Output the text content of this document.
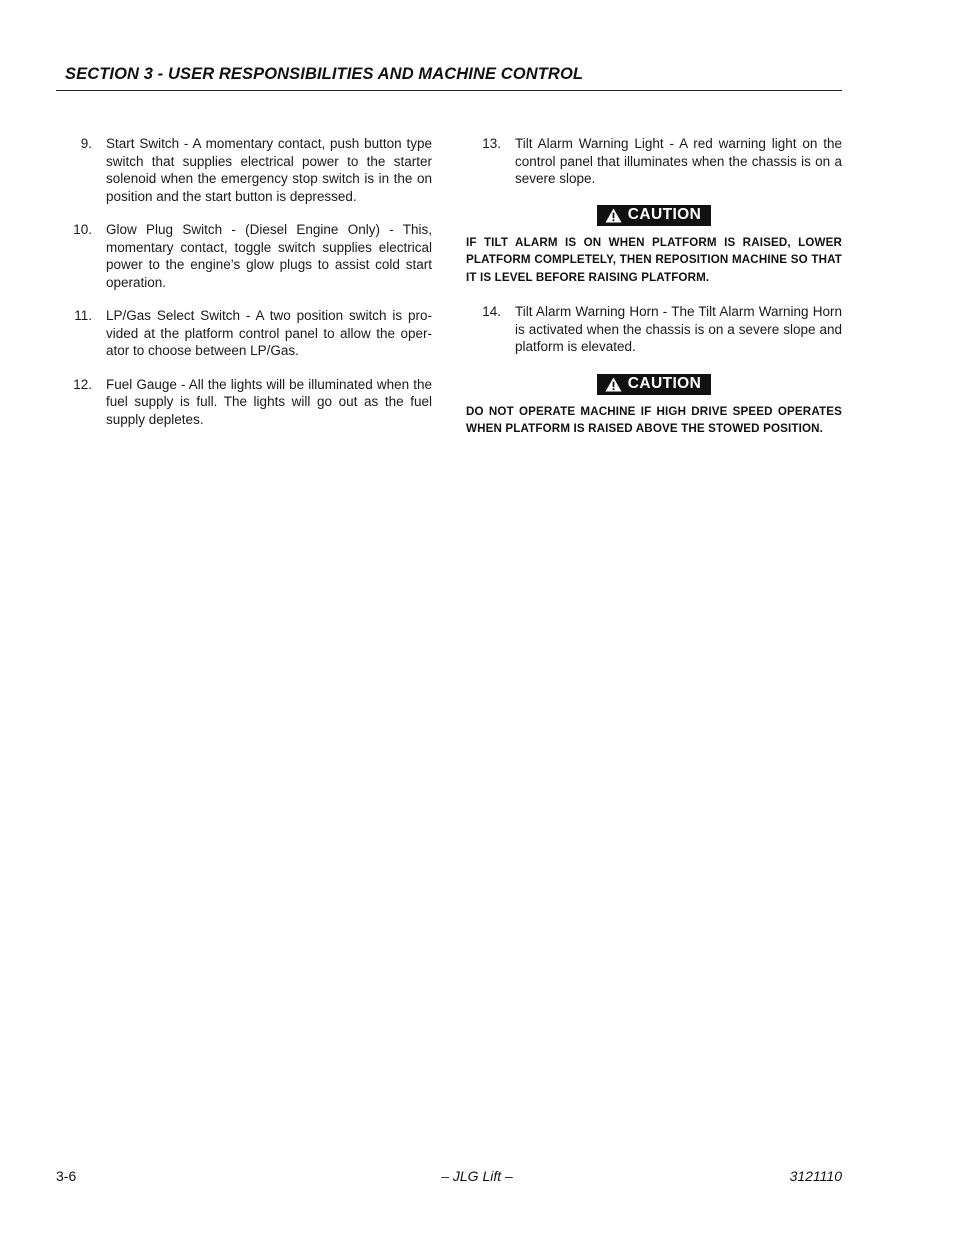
SECTION 3 - USER RESPONSIBILITIES AND MACHINE CONTROL
9. Start Switch - A momentary contact, push button type switch that supplies electrical power to the starter solenoid when the emergency stop switch is in the on position and the start button is depressed.
10. Glow Plug Switch - (Diesel Engine Only) - This, momentary contact, toggle switch supplies electrical power to the engine’s glow plugs to assist cold start operation.
11. LP/Gas Select Switch - A two position switch is pro-vided at the platform control panel to allow the oper-ator to choose between LP/Gas.
12. Fuel Gauge - All the lights will be illuminated when the fuel supply is full. The lights will go out as the fuel supply depletes.
13. Tilt Alarm Warning Light - A red warning light on the control panel that illuminates when the chassis is on a severe slope.
CAUTION

IF TILT ALARM IS ON WHEN PLATFORM IS RAISED, LOWER PLATFORM COMPLETELY, THEN REPOSITION MACHINE SO THAT IT IS LEVEL BEFORE RAISING PLATFORM.

14. Tilt Alarm Warning Horn - The Tilt Alarm Warning Horn is activated when the chassis is on a severe slope and platform is elevated.
CAUTION

DO NOT OPERATE MACHINE IF HIGH DRIVE SPEED OPERATES WHEN PLATFORM IS RAISED ABOVE THE STOWED POSITION.

3-6	– JLG Lift –	3121110
